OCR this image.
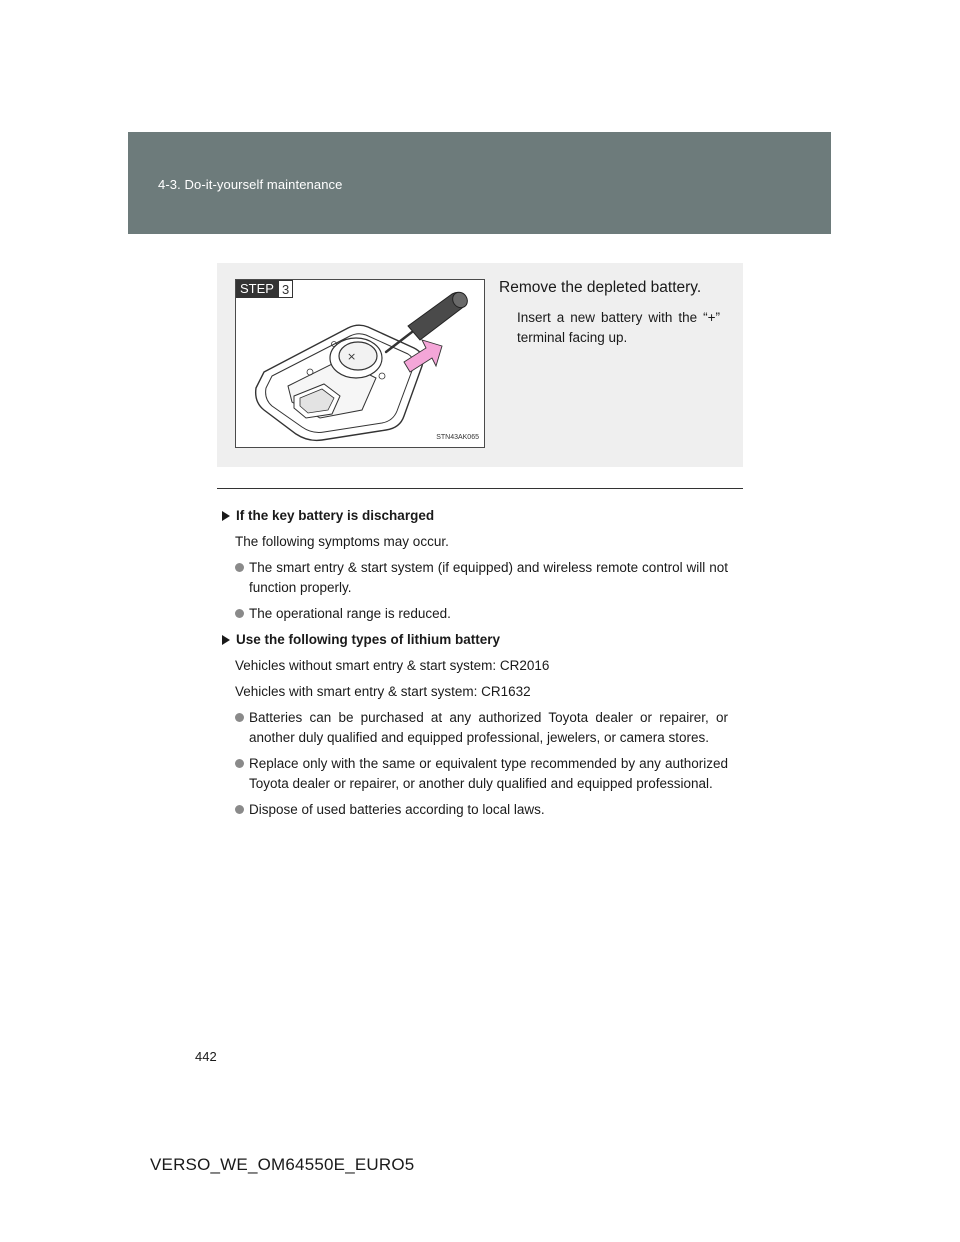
4-3. Do-it-yourself maintenance
×
STEP 3
STN43AK065
Remove the depleted battery.
Insert a new battery with the “+” terminal facing up.
If the key battery is discharged
The following symptoms may occur.
The smart entry & start system (if equipped) and wireless remote control will not function properly.
The operational range is reduced.
Use the following types of lithium battery
Vehicles without smart entry & start system: CR2016
Vehicles with smart entry & start system: CR1632
Batteries can be purchased at any authorized Toyota dealer or repairer, or another duly qualified and equipped professional, jewelers, or camera stores.
Replace only with the same or equivalent type recommended by any authorized Toyota dealer or repairer, or another duly qualified and equipped professional.
Dispose of used batteries according to local laws.
442
VERSO_WE_OM64550E_EURO5
